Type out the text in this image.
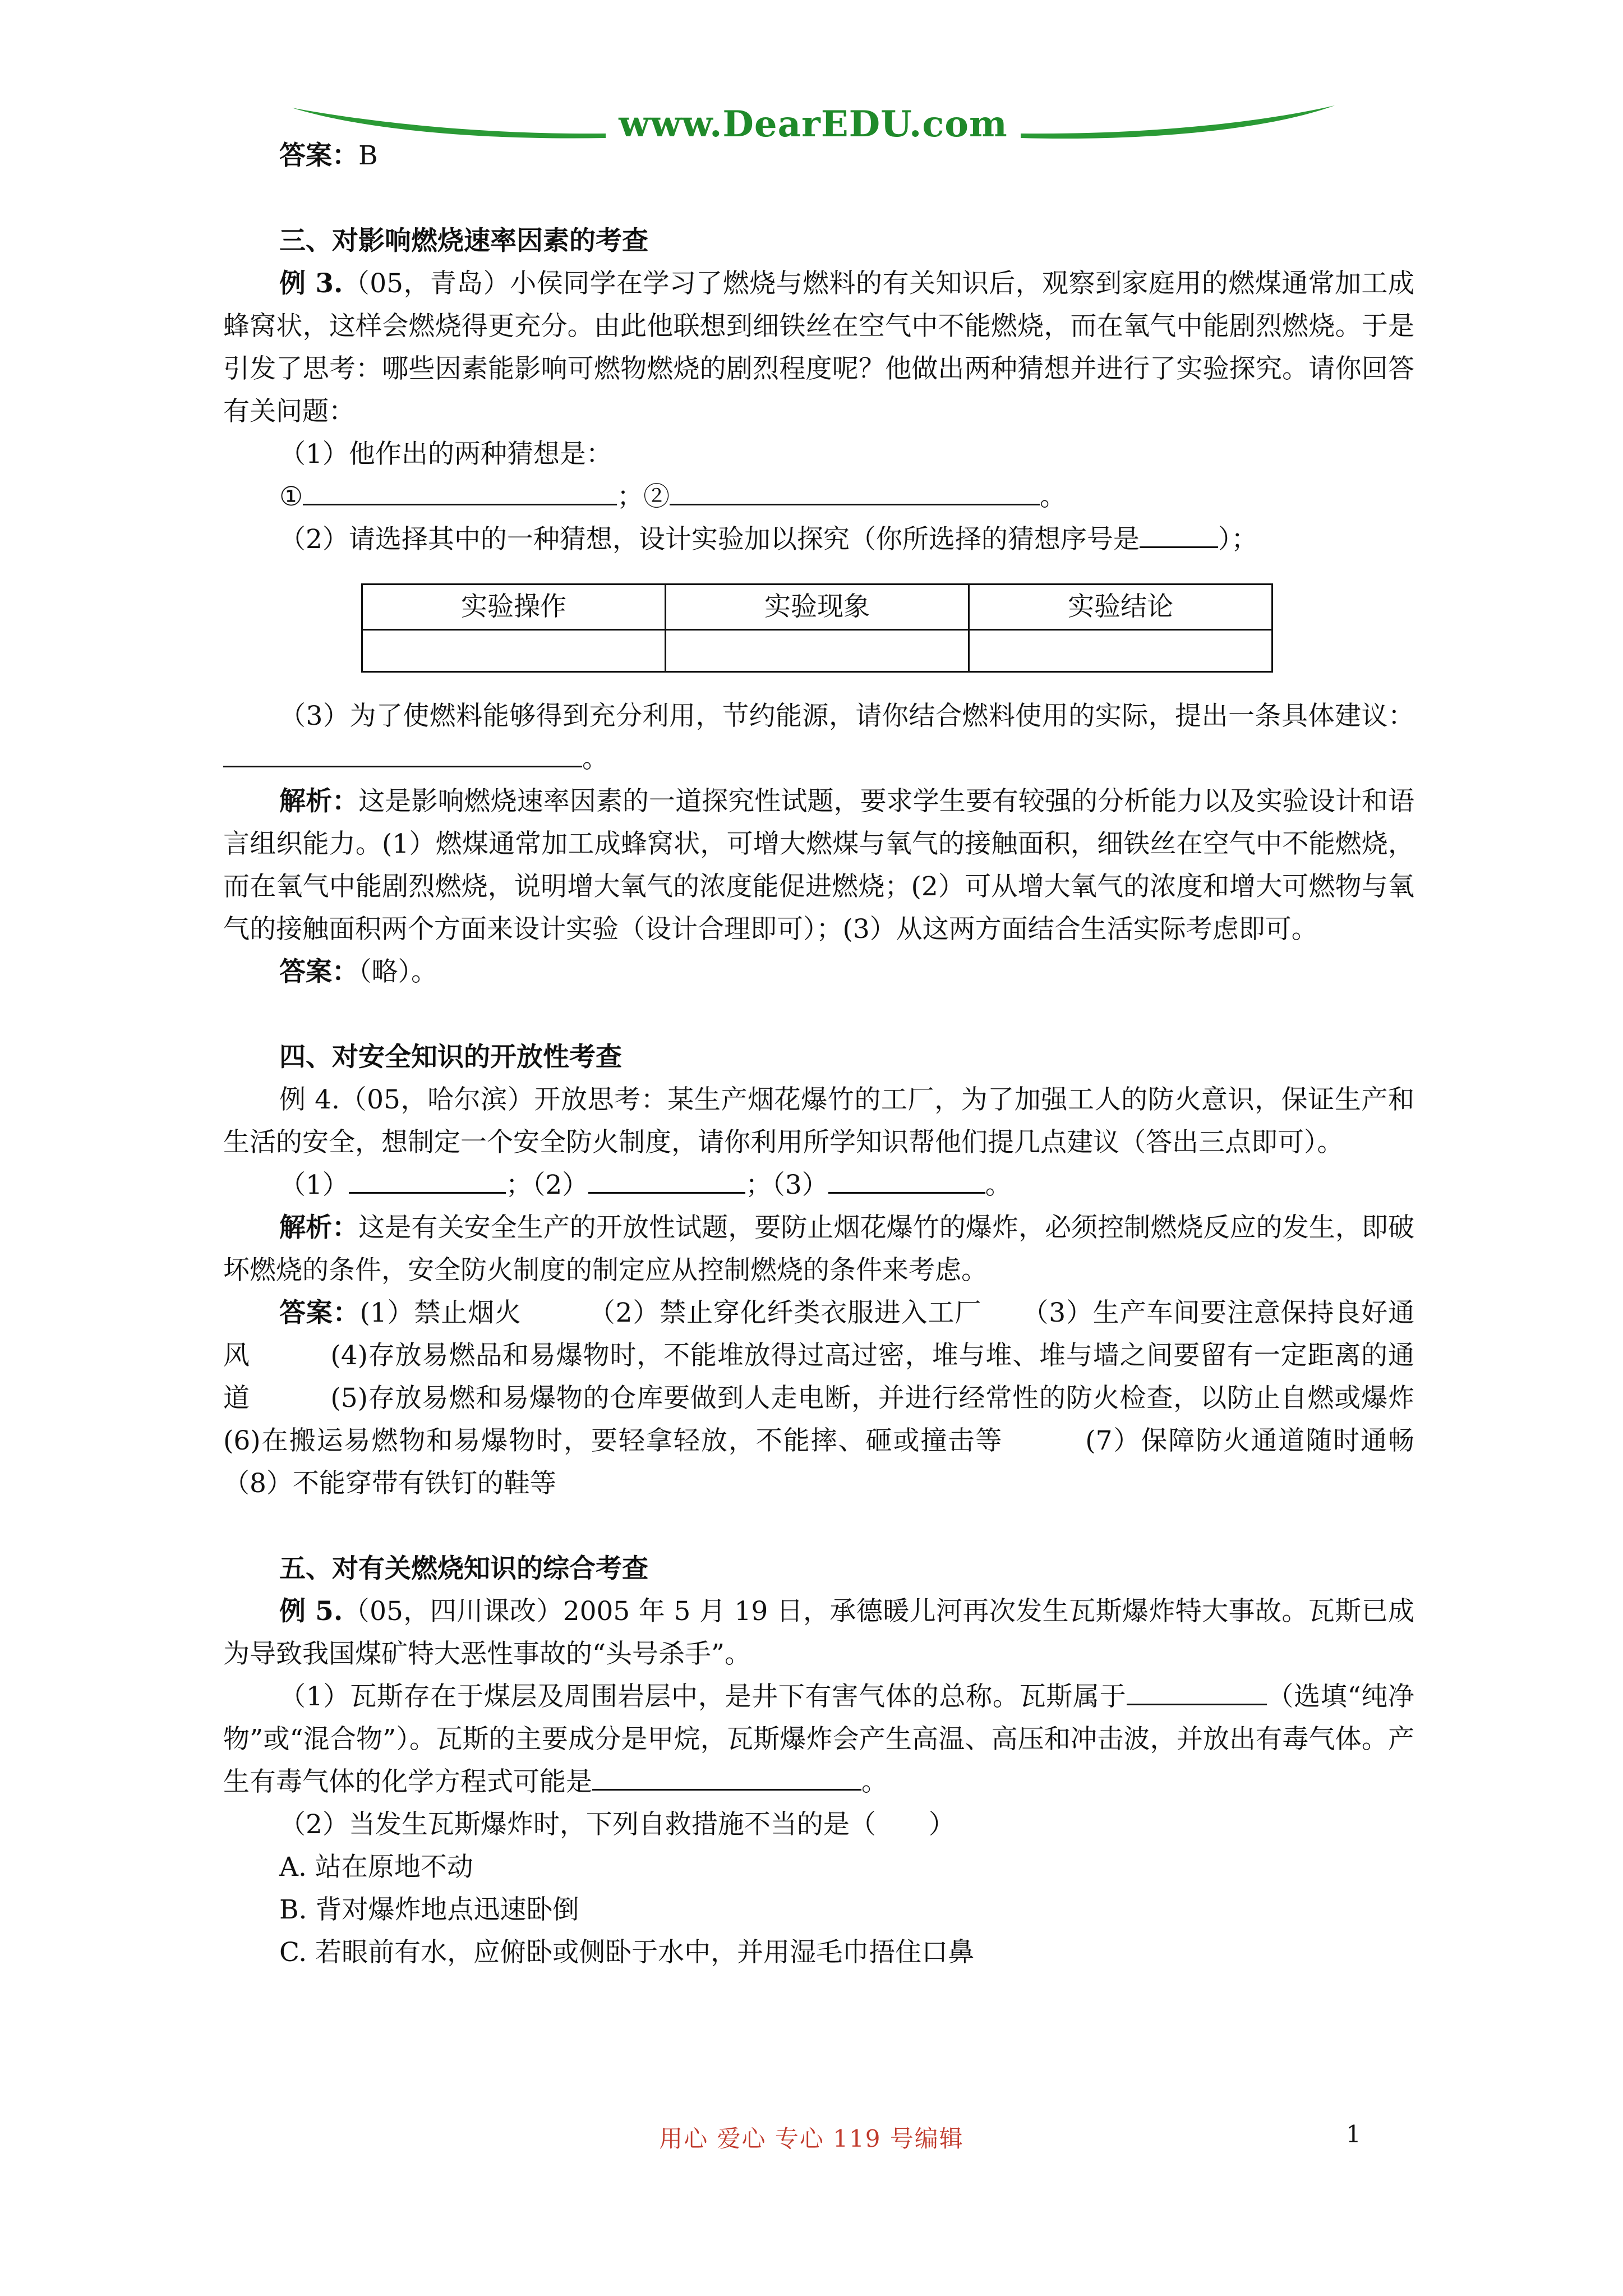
www.DearEDU.com

答案：B

三、对影响燃烧速率因素的考查

例 3.（05，青岛）小侯同学在学习了燃烧与燃料的有关知识后，观察到家庭用的燃煤通常加工成蜂窝状，这样会燃烧得更充分。由此他联想到细铁丝在空气中不能燃烧，而在氧气中能剧烈燃烧。于是引发了思考：哪些因素能影响可燃物燃烧的剧烈程度呢？他做出两种猜想并进行了实验探究。请你回答有关问题：

（1）他作出的两种猜想是：

①	；②	。

（2）请选择其中的一种猜想，设计实验加以探究（你所选择的猜想序号是	）；

实验操作	实验现象	实验结论

（3）为了使燃料能够得到充分利用，节约能源，请你结合燃料使用的实际，提出一条具体建议：。

解析：这是影响燃烧速率因素的一道探究性试题，要求学生要有较强的分析能力以及实验设计和语言组织能力。(1）燃煤通常加工成蜂窝状，可增大燃煤与氧气的接触面积，细铁丝在空气中不能燃烧，而在氧气中能剧烈燃烧，说明增大氧气的浓度能促进燃烧；(2）可从增大氧气的浓度和增大可燃物与氧气的接触面积两个方面来设计实验（设计合理即可）；(3）从这两方面结合生活实际考虑即可。

答案：（略）。

四、对安全知识的开放性考查

例 4.（05，哈尔滨）开放思考：某生产烟花爆竹的工厂，为了加强工人的防火意识，保证生产和生活的安全，想制定一个安全防火制度，请你利用所学知识帮他们提几点建议（答出三点即可）。

（1）	；（2）	；（3）	。

解析：这是有关安全生产的开放性试题，要防止烟花爆竹的爆炸，必须控制燃烧反应的发生，即破坏燃烧的条件，安全防火制度的制定应从控制燃烧的条件来考虑。

答案：(1）禁止烟火　　　（2）禁止穿化纤类衣服进入工厂　　（3）生产车间要注意保持良好通风　　　(4)存放易燃品和易爆物时，不能堆放得过高过密，堆与堆、堆与墙之间要留有一定距离的通道　　　(5)存放易燃和易爆物的仓库要做到人走电断，并进行经常性的防火检查，以防止自燃或爆炸　　　(6)在搬运易燃物和易爆物时，要轻拿轻放，不能摔、砸或撞击等　　　(7）保障防火通道随时通畅　　　　（8）不能穿带有铁钉的鞋等

五、对有关燃烧知识的综合考查

例 5.（05，四川课改）2005 年 5 月 19 日，承德暖儿河再次发生瓦斯爆炸特大事故。瓦斯已成为导致我国煤矿特大恶性事故的“头号杀手”。

（1）瓦斯存在于煤层及周围岩层中，是井下有害气体的总称。瓦斯属于	（选填“纯净物”或“混合物”）。瓦斯的主要成分是甲烷，瓦斯爆炸会产生高温、高压和冲击波，并放出有毒气体。产生有毒气体的化学方程式可能是	。

（2）当发生瓦斯爆炸时，下列自救措施不当的是（　　）

A. 站在原地不动

B. 背对爆炸地点迅速卧倒

C. 若眼前有水，应俯卧或侧卧于水中，并用湿毛巾捂住口鼻

用心 爱心 专心 119 号编辑	1
